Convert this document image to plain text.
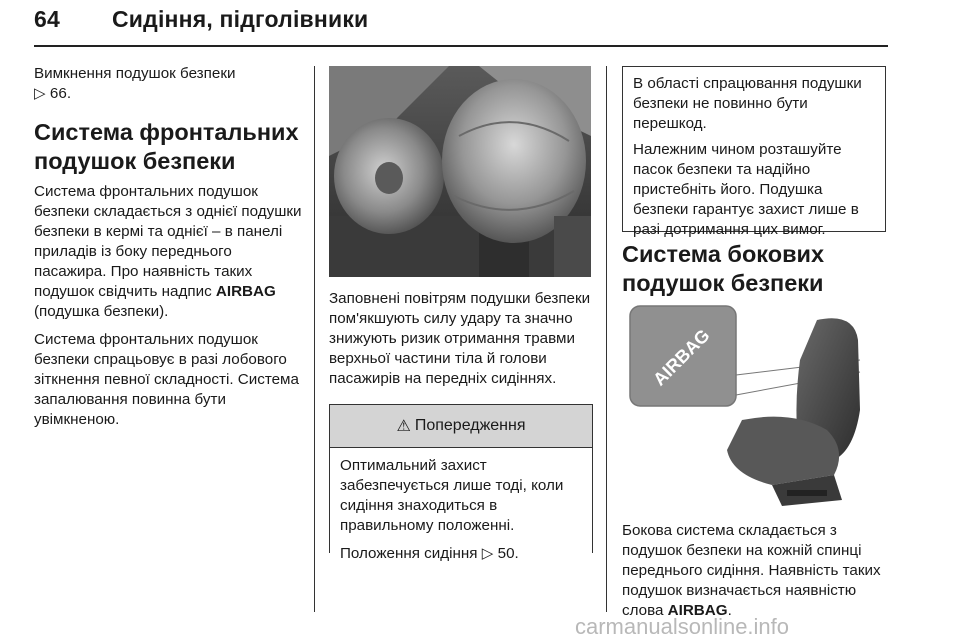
64 Сидіння, підголівники

Вимкнення подушок безпеки
▷ 66.

Система фронтальних подушок безпеки

Система фронтальних подушок безпеки складається з однієї подушки безпеки в кермі та однієї – в панелі приладів із боку переднього пасажира. Про наявність таких подушок свідчить надпис AIRBAG (подушка безпеки).

Система фронтальних подушок безпеки спрацьовує в разі лобового зіткнення певної складності. Система запалювання повинна бути увімкненою.

Заповнені повітрям подушки безпеки пом'якшують силу удару та значно знижують ризик отримання травми верхньої частини тіла й голови пасажирів на передніх сидіннях.

⚠ Попередження

Оптимальний захист забезпечується лише тоді, коли сидіння знаходиться в правильному положенні.

Положення сидіння ▷ 50.

В області спрацювання подушки безпеки не повинно бути перешкод.

Належним чином розташуйте пасок безпеки та надійно пристебніть його. Подушка безпеки гарантує захист лише в разі дотримання цих вимог.

Система бокових подушок безпеки
AIRBAG

Бокова система складається з подушок безпеки на кожній спинці переднього сидіння. Наявність таких подушок визначається наявністю слова AIRBAG.

carmanualsonline.info
